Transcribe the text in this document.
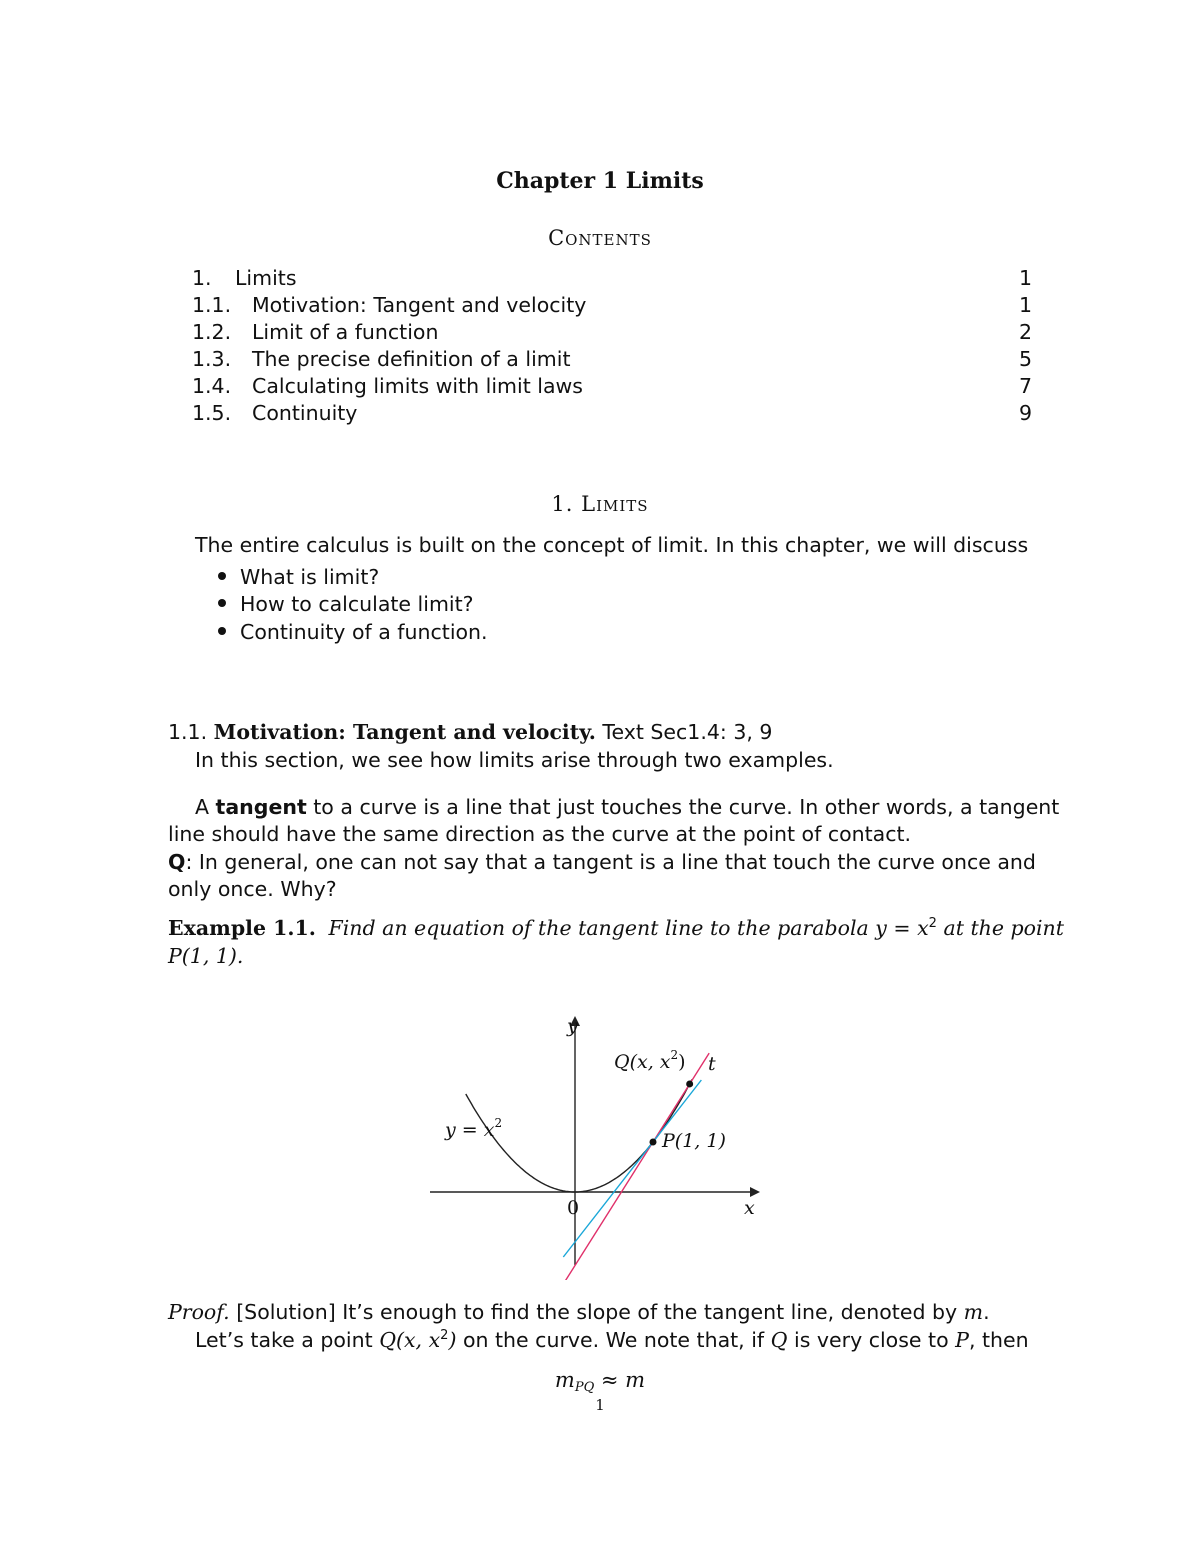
Chapter 1 Limits
Contents
1. Limits	1
1.1. Motivation: Tangent and velocity	1
1.2. Limit of a function	2
1.3. The precise definition of a limit	5
1.4. Calculating limits with limit laws	7
1.5. Continuity	9
1. Limits
The entire calculus is built on the concept of limit. In this chapter, we will discuss
What is limit?
How to calculate limit?
Continuity of a function.
1.1. Motivation: Tangent and velocity. Text Sec1.4: 3, 9
In this section, we see how limits arise through two examples.
A tangent to a curve is a line that just touches the curve. In other words, a tangent
line should have the same direction as the curve at the point of contact.
Q: In general, one can not say that a tangent is a line that touch the curve once and
only once. Why?
Example 1.1. Find an equation of the tangent line to the parabola $y = x^2$ at the point
P(1, 1).
y
x
0
$y = x^2$
Q(x, $x^2$) t
P(1, 1)
Proof. [Solution] It’s enough to find the slope of the tangent line, denoted by m.
Let’s take a point Q(x, $x^2$) on the curve. We note that, if Q is very close to P, then
$m_{PQ} \approx m$
1
